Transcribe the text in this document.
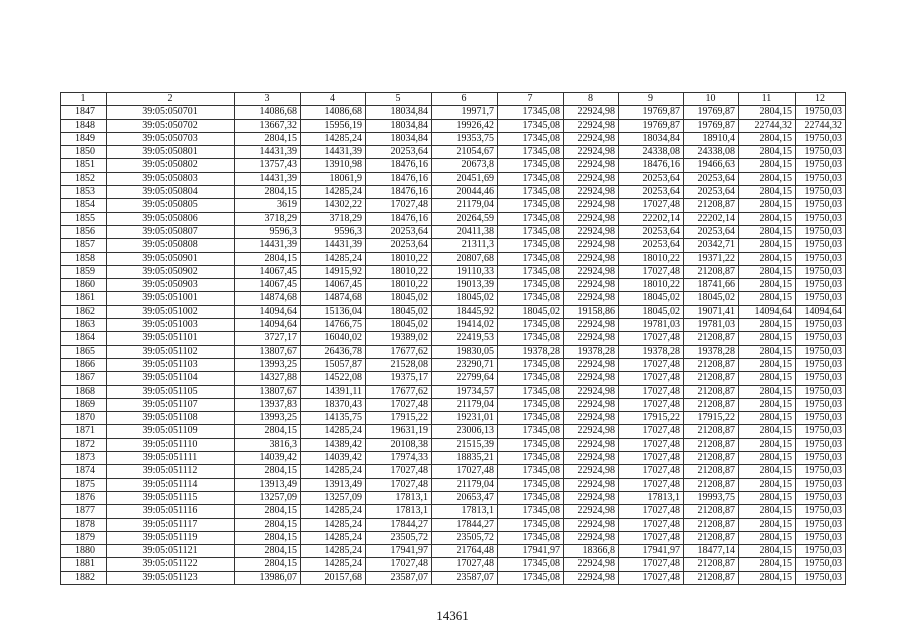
1	2	3	4	5	6	7	8	9	10	11	12
1847	39:05:050701	14086,68	14086,68	18034,84	19971,7	17345,08	22924,98	19769,87	19769,87	2804,15	19750,03
1848	39:05:050702	13667,32	15956,19	18034,84	19926,42	17345,08	22924,98	19769,87	19769,87	22744,32	22744,32
1849	39:05:050703	2804,15	14285,24	18034,84	19353,75	17345,08	22924,98	18034,84	18910,4	2804,15	19750,03
1850	39:05:050801	14431,39	14431,39	20253,64	21054,67	17345,08	22924,98	24338,08	24338,08	2804,15	19750,03
1851	39:05:050802	13757,43	13910,98	18476,16	20673,8	17345,08	22924,98	18476,16	19466,63	2804,15	19750,03
1852	39:05:050803	14431,39	18061,9	18476,16	20451,69	17345,08	22924,98	20253,64	20253,64	2804,15	19750,03
1853	39:05:050804	2804,15	14285,24	18476,16	20044,46	17345,08	22924,98	20253,64	20253,64	2804,15	19750,03
1854	39:05:050805	3619	14302,22	17027,48	21179,04	17345,08	22924,98	17027,48	21208,87	2804,15	19750,03
1855	39:05:050806	3718,29	3718,29	18476,16	20264,59	17345,08	22924,98	22202,14	22202,14	2804,15	19750,03
1856	39:05:050807	9596,3	9596,3	20253,64	20411,38	17345,08	22924,98	20253,64	20253,64	2804,15	19750,03
1857	39:05:050808	14431,39	14431,39	20253,64	21311,3	17345,08	22924,98	20253,64	20342,71	2804,15	19750,03
1858	39:05:050901	2804,15	14285,24	18010,22	20807,68	17345,08	22924,98	18010,22	19371,22	2804,15	19750,03
1859	39:05:050902	14067,45	14915,92	18010,22	19110,33	17345,08	22924,98	17027,48	21208,87	2804,15	19750,03
1860	39:05:050903	14067,45	14067,45	18010,22	19013,39	17345,08	22924,98	18010,22	18741,66	2804,15	19750,03
1861	39:05:051001	14874,68	14874,68	18045,02	18045,02	17345,08	22924,98	18045,02	18045,02	2804,15	19750,03
1862	39:05:051002	14094,64	15136,04	18045,02	18445,92	18045,02	19158,86	18045,02	19071,41	14094,64	14094,64
1863	39:05:051003	14094,64	14766,75	18045,02	19414,02	17345,08	22924,98	19781,03	19781,03	2804,15	19750,03
1864	39:05:051101	3727,17	16040,02	19389,02	22419,53	17345,08	22924,98	17027,48	21208,87	2804,15	19750,03
1865	39:05:051102	13807,67	26436,78	17677,62	19830,05	19378,28	19378,28	19378,28	19378,28	2804,15	19750,03
1866	39:05:051103	13993,25	15057,87	21528,08	23290,71	17345,08	22924,98	17027,48	21208,87	2804,15	19750,03
1867	39:05:051104	14327,88	14522,08	19375,17	22799,64	17345,08	22924,98	17027,48	21208,87	2804,15	19750,03
1868	39:05:051105	13807,67	14391,11	17677,62	19734,57	17345,08	22924,98	17027,48	21208,87	2804,15	19750,03
1869	39:05:051107	13937,83	18370,43	17027,48	21179,04	17345,08	22924,98	17027,48	21208,87	2804,15	19750,03
1870	39:05:051108	13993,25	14135,75	17915,22	19231,01	17345,08	22924,98	17915,22	17915,22	2804,15	19750,03
1871	39:05:051109	2804,15	14285,24	19631,19	23006,13	17345,08	22924,98	17027,48	21208,87	2804,15	19750,03
1872	39:05:051110	3816,3	14389,42	20108,38	21515,39	17345,08	22924,98	17027,48	21208,87	2804,15	19750,03
1873	39:05:051111	14039,42	14039,42	17974,33	18835,21	17345,08	22924,98	17027,48	21208,87	2804,15	19750,03
1874	39:05:051112	2804,15	14285,24	17027,48	17027,48	17345,08	22924,98	17027,48	21208,87	2804,15	19750,03
1875	39:05:051114	13913,49	13913,49	17027,48	21179,04	17345,08	22924,98	17027,48	21208,87	2804,15	19750,03
1876	39:05:051115	13257,09	13257,09	17813,1	20653,47	17345,08	22924,98	17813,1	19993,75	2804,15	19750,03
1877	39:05:051116	2804,15	14285,24	17813,1	17813,1	17345,08	22924,98	17027,48	21208,87	2804,15	19750,03
1878	39:05:051117	2804,15	14285,24	17844,27	17844,27	17345,08	22924,98	17027,48	21208,87	2804,15	19750,03
1879	39:05:051119	2804,15	14285,24	23505,72	23505,72	17345,08	22924,98	17027,48	21208,87	2804,15	19750,03
1880	39:05:051121	2804,15	14285,24	17941,97	21764,48	17941,97	18366,8	17941,97	18477,14	2804,15	19750,03
1881	39:05:051122	2804,15	14285,24	17027,48	17027,48	17345,08	22924,98	17027,48	21208,87	2804,15	19750,03
1882	39:05:051123	13986,07	20157,68	23587,07	23587,07	17345,08	22924,98	17027,48	21208,87	2804,15	19750,03
14361
